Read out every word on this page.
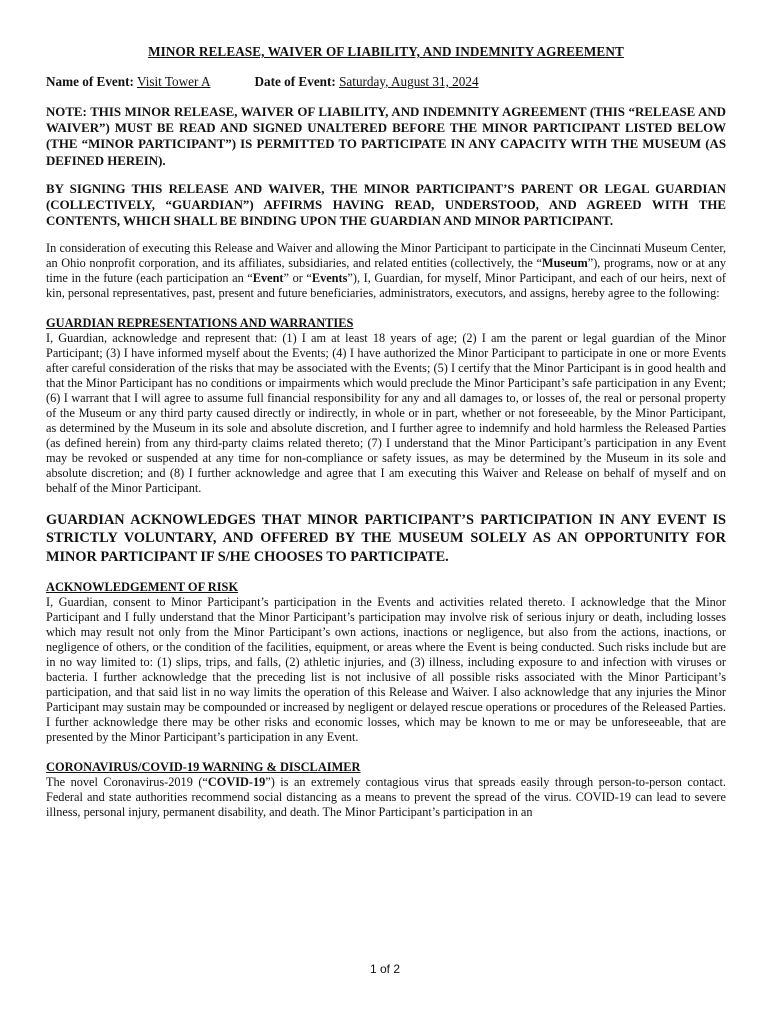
MINOR RELEASE, WAIVER OF LIABILITY, AND INDEMNITY AGREEMENT

Name of Event: Visit Tower A	Date of Event: Saturday, August 31, 2024

NOTE: THIS MINOR RELEASE, WAIVER OF LIABILITY, AND INDEMNITY AGREEMENT (THIS “RELEASE AND WAIVER”) MUST BE READ AND SIGNED UNALTERED BEFORE THE MINOR PARTICIPANT LISTED BELOW (THE “MINOR PARTICIPANT”) IS PERMITTED TO PARTICIPATE IN ANY CAPACITY WITH THE MUSEUM (AS DEFINED HEREIN).

BY SIGNING THIS RELEASE AND WAIVER, THE MINOR PARTICIPANT’S PARENT OR LEGAL GUARDIAN (COLLECTIVELY, “GUARDIAN”) AFFIRMS HAVING READ, UNDERSTOOD, AND AGREED WITH THE CONTENTS, WHICH SHALL BE BINDING UPON THE GUARDIAN AND MINOR PARTICIPANT.

In consideration of executing this Release and Waiver and allowing the Minor Participant to participate in the Cincinnati Museum Center, an Ohio nonprofit corporation, and its affiliates, subsidiaries, and related entities (collectively, the “Museum”), programs, now or at any time in the future (each participation an “Event” or “Events”), I, Guardian, for myself, Minor Participant, and each of our heirs, next of kin, personal representatives, past, present and future beneficiaries, administrators, executors, and assigns, hereby agree to the following:

GUARDIAN REPRESENTATIONS AND WARRANTIES

I, Guardian, acknowledge and represent that: (1) I am at least 18 years of age; (2) I am the parent or legal guardian of the Minor Participant; (3) I have informed myself about the Events; (4) I have authorized the Minor Participant to participate in one or more Events after careful consideration of the risks that may be associated with the Events; (5) I certify that the Minor Participant is in good health and that the Minor Participant has no conditions or impairments which would preclude the Minor Participant’s safe participation in any Event; (6) I warrant that I will agree to assume full financial responsibility for any and all damages to, or losses of, the real or personal property of the Museum or any third party caused directly or indirectly, in whole or in part, whether or not foreseeable, by the Minor Participant, as determined by the Museum in its sole and absolute discretion, and I further agree to indemnify and hold harmless the Released Parties (as defined herein) from any third-party claims related thereto; (7) I understand that the Minor Participant’s participation in any Event may be revoked or suspended at any time for non-compliance or safety issues, as may be determined by the Museum in its sole and absolute discretion; and (8) I further acknowledge and agree that I am executing this Waiver and Release on behalf of myself and on behalf of the Minor Participant.

GUARDIAN ACKNOWLEDGES THAT MINOR PARTICIPANT’S PARTICIPATION IN ANY EVENT IS STRICTLY VOLUNTARY, AND OFFERED BY THE MUSEUM SOLELY AS AN OPPORTUNITY FOR MINOR PARTICIPANT IF S/HE CHOOSES TO PARTICIPATE.

ACKNOWLEDGEMENT OF RISK

I, Guardian, consent to Minor Participant’s participation in the Events and activities related thereto. I acknowledge that the Minor Participant and I fully understand that the Minor Participant’s participation may involve risk of serious injury or death, including losses which may result not only from the Minor Participant’s own actions, inactions or negligence, but also from the actions, inactions, or negligence of others, or the condition of the facilities, equipment, or areas where the Event is being conducted. Such risks include but are in no way limited to: (1) slips, trips, and falls, (2) athletic injuries, and (3) illness, including exposure to and infection with viruses or bacteria. I further acknowledge that the preceding list is not inclusive of all possible risks associated with the Minor Participant’s participation, and that said list in no way limits the operation of this Release and Waiver. I also acknowledge that any injuries the Minor Participant may sustain may be compounded or increased by negligent or delayed rescue operations or procedures of the Released Parties. I further acknowledge there may be other risks and economic losses, which may be known to me or may be unforeseeable, that are presented by the Minor Participant’s participation in any Event.

CORONAVIRUS/COVID-19 WARNING & DISCLAIMER

The novel Coronavirus-2019 (“COVID-19”) is an extremely contagious virus that spreads easily through person-to-person contact. Federal and state authorities recommend social distancing as a means to prevent the spread of the virus. COVID-19 can lead to severe illness, personal injury, permanent disability, and death. The Minor Participant’s participation in an

1 of 2
